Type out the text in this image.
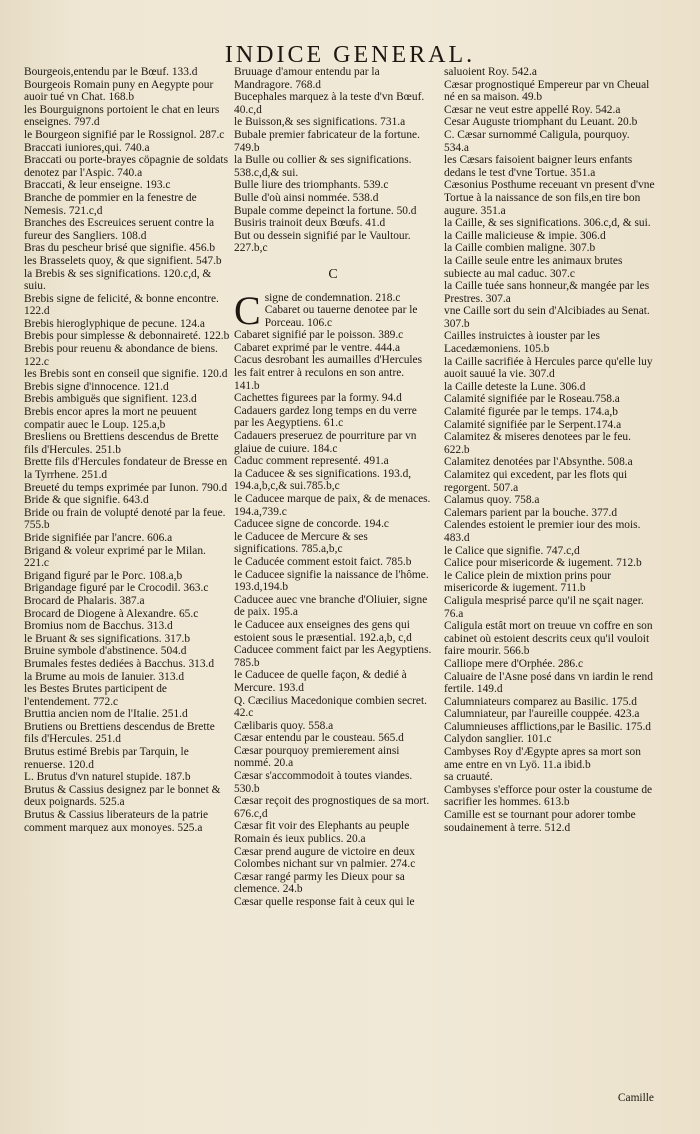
INDICE GENERAL.

Bourgeois,entendu par le Bœuf. 133.d

Bourgeois Romain puny en Aegypte pour auoir tué vn Chat. 168.b

les Bourguignons portoient le chat en leurs enseignes. 797.d

le Bourgeon signifié par le Rossignol. 287.c

Braccati iuniores,qui. 740.a

Braccati ou porte-brayes cöpagnie de soldats denotez par l'Aspic. 740.a

Braccati, & leur enseigne. 193.c

Branche de pommier en la fenestre de Nemesis. 721.c,d

Branches des Escreuices seruent contre la fureur des Sangliers. 108.d

Bras du pescheur brisé que signifie. 456.b

les Brasselets quoy, & que signifient. 547.b

la Brebis & ses significations. 120.c,d, & suiu.

Brebis signe de felicité, & bonne encontre. 122.d

Brebis hieroglyphique de pecune. 124.a

Brebis pour simplesse & debonnaireté. 122.b

Brebis pour reuenu & abondance de biens. 122.c

les Brebis sont en conseil que signifie. 120.d

Brebis signe d'innocence. 121.d

Brebis ambiguës que signifient. 123.d

Brebis encor apres la mort ne peuuent compatir auec le Loup. 125.a,b

Bresliens ou Brettiens descendus de Brette fils d'Hercules. 251.b

Brette fils d'Hercules fondateur de Bresse en la Tyrrhene. 251.d

Breueté du temps exprimée par Iunon. 790.d

Bride & que signifie. 643.d

Bride ou frain de volupté denoté par la feue. 755.b

Bride signifiée par l'ancre. 606.a

Brigand & voleur exprimé par le Milan. 221.c

Brigand figuré par le Porc. 108.a,b

Brigandage figuré par le Crocodil. 363.c

Brocard de Phalaris. 387.a

Brocard de Diogene à Alexandre. 65.c

Bromius nom de Bacchus. 313.d

le Bruant & ses significations. 317.b

Bruine symbole d'abstinence. 504.d

Brumales festes dediées à Bacchus. 313.d

la Brume au mois de Ianuier. 313.d

les Bestes Brutes participent de l'entendement. 772.c

Bruttia ancien nom de l'Italie. 251.d

Brutiens ou Brettiens descendus de Brette fils d'Hercules. 251.d

Brutus estimé Brebis par Tarquin, le renuerse. 120.d

L. Brutus d'vn naturel stupide. 187.b

Brutus & Cassius designez par le bonnet & deux poignards. 525.a

Brutus & Cassius liberateurs de la patrie comment marquez aux monoyes. 525.a

Bruuage d'amour entendu par la Mandragore. 768.d

Bucephales marquez à la teste d'vn Bœuf. 40.c,d

le Buisson,& ses significations. 731.a

Bubale premier fabricateur de la fortune. 749.b

la Bulle ou collier & ses significations. 538.c,d,& sui.

Bulle liure des triomphants. 539.c

Bulle d'où ainsi nommée. 538.d

Bupale comme depeinct la fortune. 50.d

Busiris trainoit deux Bœufs. 41.d

But ou dessein signifié par le Vaultour. 227.b,c

C
C signe de condemnation. 218.c

Cabaret ou tauerne denotee par le Porceau. 106.c

Cabaret signifié par le poisson. 389.c

Cabaret exprimé par le ventre. 444.a

Cacus desrobant les aumailles d'Hercules les fait entrer à reculons en son antre. 141.b

Cachettes figurees par la formy. 94.d

Cadauers gardez long temps en du verre par les Aegyptiens. 61.c

Cadauers preseruez de pourriture par vn glaiue de cuiure. 184.c

Caduc comment representé. 491.a

la Caducee & ses significations. 193.d, 194.a,b,c,& sui.785.b,c

le Caducee marque de paix, & de menaces. 194.a,739.c

Caducee signe de concorde. 194.c

le Caducee de Mercure & ses significations. 785.a,b,c

le Caducée comment estoit faict. 785.b

le Caducee signifie la naissance de l'hôme. 193.d,194.b

Caducee auec vne branche d'Oliuier, signe de paix. 195.a

le Caducee aux enseignes des gens qui estoient sous le præsential. 192.a,b, c,d

Caducee comment faict par les Aegyptiens. 785.b

le Caducee de quelle façon, & dedié à Mercure. 193.d

Q. Cæcilius Macedonique combien secret. 42.c

Cælibaris quoy. 558.a

Cæsar entendu par le cousteau. 565.d

Cæsar pourquoy premierement ainsi nommé. 20.a

Cæsar s'accommodoit à toutes viandes. 530.b

Cæsar reçoit des prognostiques de sa mort. 676.c,d

Cæsar fit voir des Elephants au peuple Romain és ieux publics. 20.a

Cæsar prend augure de victoire en deux Colombes nichant sur vn palmier. 274.c

Cæsar rangé parmy les Dieux pour sa clemence. 24.b

Cæsar quelle response fait à ceux qui le

saluoient Roy. 542.a

Cæsar prognostiqué Empereur par vn Cheual né en sa maison. 49.b

Cæsar ne veut estre appellé Roy. 542.a

Cesar Auguste triomphant du Leuant. 20.b

C. Cæsar surnommé Caligula, pourquoy. 534.a

les Cæsars faisoient baigner leurs enfants dedans le test d'vne Tortue. 351.a

Cæsonius Posthume receuant vn present d'vne Tortue à la naissance de son fils,en tire bon augure. 351.a

la Caille, & ses significations. 306.c,d, & sui.

la Caille malicieuse & impie. 306.d

la Caille combien maligne. 307.b

la Caille seule entre les animaux brutes subiecte au mal caduc. 307.c

la Caille tuée sans honneur,& mangée par les Prestres. 307.a

vne Caille sort du sein d'Alcibiades au Senat. 307.b

Cailles instruictes à iouster par les Lacedæmoniens. 105.b

la Caille sacrifiée à Hercules parce qu'elle luy auoit sauué la vie. 307.d

la Caille deteste la Lune. 306.d

Calamité signifiée par le Roseau.758.a

Calamité figurée par le temps. 174.a,b

Calamité signifiée par le Serpent.174.a

Calamitez & miseres denotees par le feu. 622.b

Calamitez denotées par l'Absynthe. 508.a

Calamitez qui excedent, par les flots qui regorgent. 507.a

Calamus quoy. 758.a

Calemars parient par la bouche. 377.d

Calendes estoient le premier iour des mois. 483.d

le Calice que signifie. 747.c,d

Calice pour misericorde & iugement. 712.b

le Calice plein de mixtion prins pour misericorde & iugement. 711.b

Caligula mesprisé parce qu'il ne sçait nager. 76.a

Caligula estât mort on treuue vn coffre en son cabinet où estoient descrits ceux qu'il vouloit faire mourir. 566.b

Calliope mere d'Orphée. 286.c

Caluaire de l'Asne posé dans vn iardin le rend fertile. 149.d

Calumniateurs comparez au Basilic. 175.d

Calumniateur, par l'aureille couppée. 423.a

Calumnieuses afflictions,par le Basilic. 175.d

Calydon sanglier. 101.c

Cambyses Roy d'Ægypte apres sa mort son ame entre en vn Lyö. 11.a ibid.b

sa cruauté.

Cambyses s'efforce pour oster la coustume de sacrifier les hommes. 613.b

Camille est se tournant pour adorer tombe soudainement à terre. 512.d

Camille
